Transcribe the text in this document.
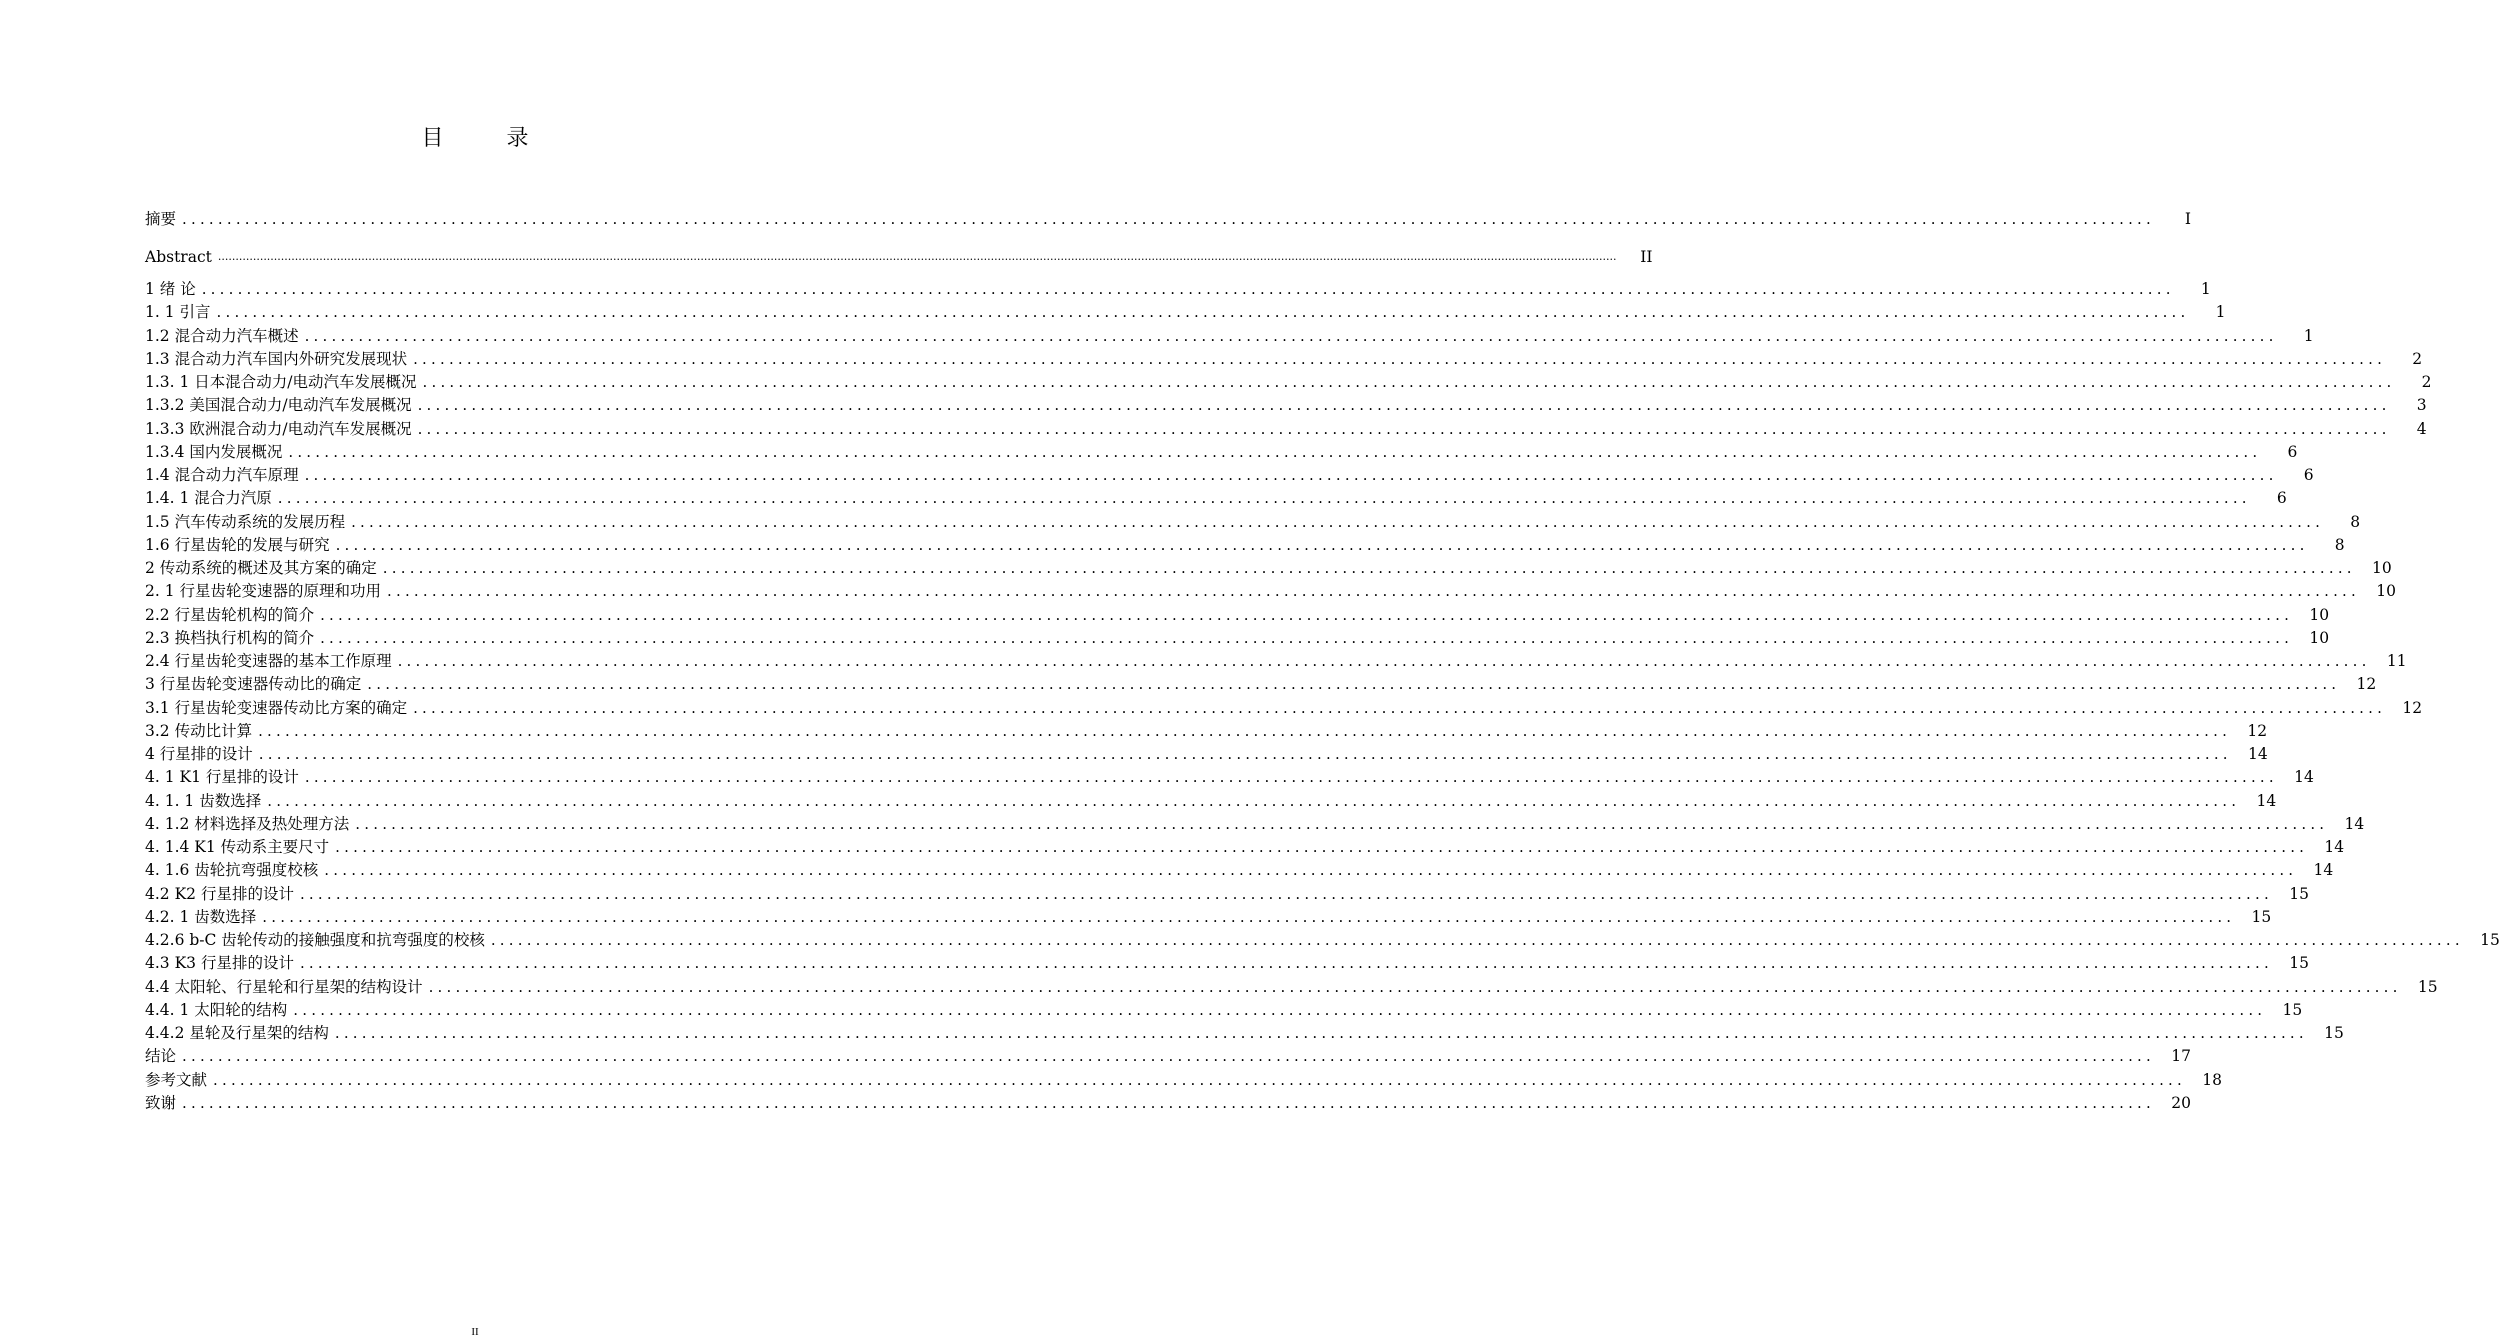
目 录
摘要 ............................................................................................................................................................................................................................	I
Abstract ................................................................................................................................................................................................................................................................................................................................................................................................................	II
1 绪 论 ............................................................................................................................................................................................................................	1
1. 1 引言 ............................................................................................................................................................................................................................	1
1.2 混合动力汽车概述 ............................................................................................................................................................................................................................	1
1.3 混合动力汽车国内外研究发展现状 ............................................................................................................................................................................................................................	2
1.3. 1 日本混合动力/电动汽车发展概况 ............................................................................................................................................................................................................................	2
1.3.2 美国混合动力/电动汽车发展概况 ............................................................................................................................................................................................................................	3
1.3.3 欧洲混合动力/电动汽车发展概况 ............................................................................................................................................................................................................................	4
1.3.4 国内发展概况 ............................................................................................................................................................................................................................	6
1.4 混合动力汽车原理 ............................................................................................................................................................................................................................	6
1.4. 1 混合力汽原 ............................................................................................................................................................................................................................	6
1.5 汽车传动系统的发展历程 ............................................................................................................................................................................................................................	8
1.6 行星齿轮的发展与研究 ............................................................................................................................................................................................................................	8
2 传动系统的概述及其方案的确定 ............................................................................................................................................................................................................................	10
2. 1 行星齿轮变速器的原理和功用 ............................................................................................................................................................................................................................	10
2.2 行星齿轮机构的简介 ............................................................................................................................................................................................................................	10
2.3 换档执行机构的简介 ............................................................................................................................................................................................................................	10
2.4 行星齿轮变速器的基本工作原理 ............................................................................................................................................................................................................................	11
3 行星齿轮变速器传动比的确定 ............................................................................................................................................................................................................................	12
3.1 行星齿轮变速器传动比方案的确定 ............................................................................................................................................................................................................................	12
3.2 传动比计算 ............................................................................................................................................................................................................................	12
4 行星排的设计 ............................................................................................................................................................................................................................	14
4. 1 K1 行星排的设计 ............................................................................................................................................................................................................................	14
4. 1. 1 齿数选择 ............................................................................................................................................................................................................................	14
4. 1.2 材料选择及热处理方法 ............................................................................................................................................................................................................................	14
4. 1.4 K1 传动系主要尺寸 ............................................................................................................................................................................................................................	14
4. 1.6 齿轮抗弯强度校核 ............................................................................................................................................................................................................................	14
4.2 K2 行星排的设计 ............................................................................................................................................................................................................................	15
4.2. 1 齿数选择 ............................................................................................................................................................................................................................	15
4.2.6 b-C 齿轮传动的接触强度和抗弯强度的校核 ............................................................................................................................................................................................................................	15
4.3 K3 行星排的设计 ............................................................................................................................................................................................................................	15
4.4 太阳轮、行星轮和行星架的结构设计 ............................................................................................................................................................................................................................	15
4.4. 1 太阳轮的结构 ............................................................................................................................................................................................................................	15
4.4.2 星轮及行星架的结构 ............................................................................................................................................................................................................................	15
结论 ............................................................................................................................................................................................................................	17
参考文献 ............................................................................................................................................................................................................................	18
致谢 ............................................................................................................................................................................................................................	20
II
